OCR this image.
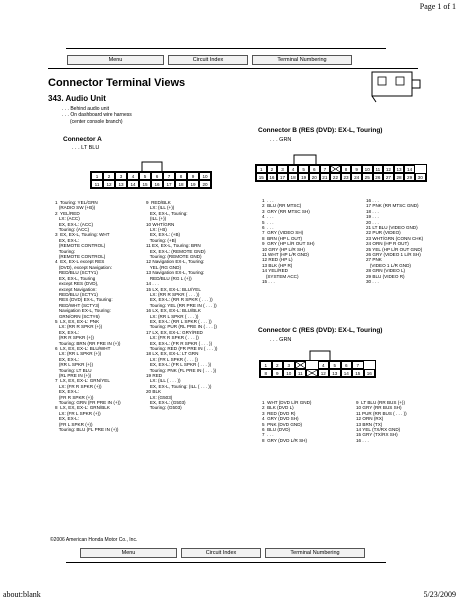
Page 1 of 1
Menu	Circuit Index	Terminal Numbering
Connector Terminal Views
343. Audio Unit
. . . Behind audio unit
. . . On dashboard wire harness
(center console branch)
Connector A
. . . LT BLU
1	2	3	4	5	6	7	8	9	10
11	12	13	14	15	16	17	18	19	20
Connector B (RES (DVD): EX-L, Touring)
. . . GRN
1	2	3	4	5	6	7	8	9	10	11	12	13	14
15	16	17	18	19	20	21	22	23	24	25	26	27	28	29	30
1  Touring: YEL/GRN
(RADIO SW (+B))
2  YEL/RED
LX: (ACC)
EX, EX-L: (ACC)
Touring: (ACC)
3  EX, EX-L, Touring: WHT
EX, EX-L:
(REMOTE CONTROL)
Touring:
(REMOTE CONTROL)
4  EX, EX-L except RES
(DVD), except Navigation:
RED/BLU (SCTY1)
EX, EX-L, Touring
except RES (DVD),
except Navigation:
RED/BLU (SCTY1)
RES (DVD) EX-L, Touring:
RED/WHT (SCTY3)
Navigation EX-L, Touring:
GRN/ORN (SCTY6)
5  LX, EX, EX-L: PNK
LX: (RR R SPKR (+))
EX, EX-L:
(RR R SPKR (+))
Touring: BRN (RR FRE IN (+))
6  LX, EX, EX-L: BLU/WHT
LX: (RR L SPKR (+))
EX, EX-L:
(RR L SPKR (+))
Touring: LT BLU
(RL PRE IN (+))
7  LX, EX, EX-L: GRN/YEL
LX: (FR R SPKR (+))
EX, EX-L:
(FR R SPKR (+))
Touring: GRN (FR PRE IN (+))
8  LX, EX, EX-L: GRN/BLK
LX: (FR L SPKR (+))
EX, EX-L:
(FR L SPKR (+))
Touring: BLU (FL PRE IN (+))
9  RED/BLK
LX: (ILL (+))
EX, EX-L, Touring:
(ILL (+))
10 WHT/GRN
LX: (+B)
EX, EX-L: (+B)
Touring: (+B)
11 EX, EX-L, Touring: BRN
EX, EX-L: (REMOTE GND)
Touring: (REMOTE GND)
12 Navigation EX-L, Touring:
YEL (RG GND)
13 Navigation EX-L, Touring:
RED/BLU (RG L (+))
14 . . .
15 LX, EX, EX-L: BLU/YEL
LX: (RR R SPKR ( . . . ))
EX, EX-L: (RR R SPKR ( . . . ))
Touring: YEL (RR PRE IN ( . . . ))
16 LX, EX, EX-L: BLU/BLK
LX: (RR L SPKR ( . . . ))
EX, EX-L: (RR L SPKR ( . . . ))
Touring: PUR (RL PRE IN ( . . . ))
17 LX, EX, EX-L: GRY/RED
LX: (FR R SPKR ( . . . ))
EX, EX-L: (FR R SPKR ( . . . ))
Touring: RED (FR PRE IN ( . . . ))
18 LX, EX, EX-L: LT GRN
LX: (FR L SPKR ( . . . ))
EX, EX-L: (FR L SPKR ( . . . ))
Touring: PNK (FL PRE IN ( . . . ))
19 RED
LX: (ILL ( . . . ))
EX, EX-L, Touring: (ILL ( . . . ))
20 BLK
LX: (G503)
EX, EX-L: (G503)
Touring: (G503)
1  . . .
2  BLU (RR MTSC)
3  GRY (RR MTSC SH)
4  . . .
5  . . .
6  . . .
7  GRY (VIDEO SH)
8  BRN (HP L OUT)
9  GRY (HP L/R OUT SH)
10 GRY (HP L/R SH)
11 WHT (HP L/R GND)
12 RED (HP L)
13 BLK (HP R)
14 YEL/RED
(SYSTEM ACC)
15 . . .
16 . . .
17 PNK (RR MTSC GND)
18 . . .
19 . . .
20 . . .
21 LT BLU (VIDEO GND)
22 PUR (VIDEO)
23 WHT/GRN (CONN CHK)
24 ORN (HP R OUT)
25 YEL (HP L/R OUT GND)
26 GRY (VIDEO 1 L/R SH)
27 PNK
(VIDEO 1 L/R GND)
28 GRN (VIDEO L)
29 BLU (VIDEO R)
30 . . .
Connector C (RES (DVD): EX-L, Touring)
. . . GRN
1	2	3	4	5	6	7
8	9	10	11	12	13	14	15	16
1  WHT (DVD L/R GND)
2  BLK (DVD L)
3  RED (DVD R)
4  GRY (DVD SH)
5  PNK (DVD GND)
6  BLU (DVD)
7  . . .
8  GRY (DVD L/R SH)
9  LT BLU (RR BUS (+))
10 GRY (RR BUS SH)
11 PUR (RR BUS ( . . . ))
12 ORN (RX)
13 BRN (TX)
14 YEL (TX/RX GND)
15 GRY (TX/RX SH)
16 . . .
©2006 American Honda Motor Co., Inc.
Menu	Circuit Index	Terminal Numbering
about:blank	5/23/2009
